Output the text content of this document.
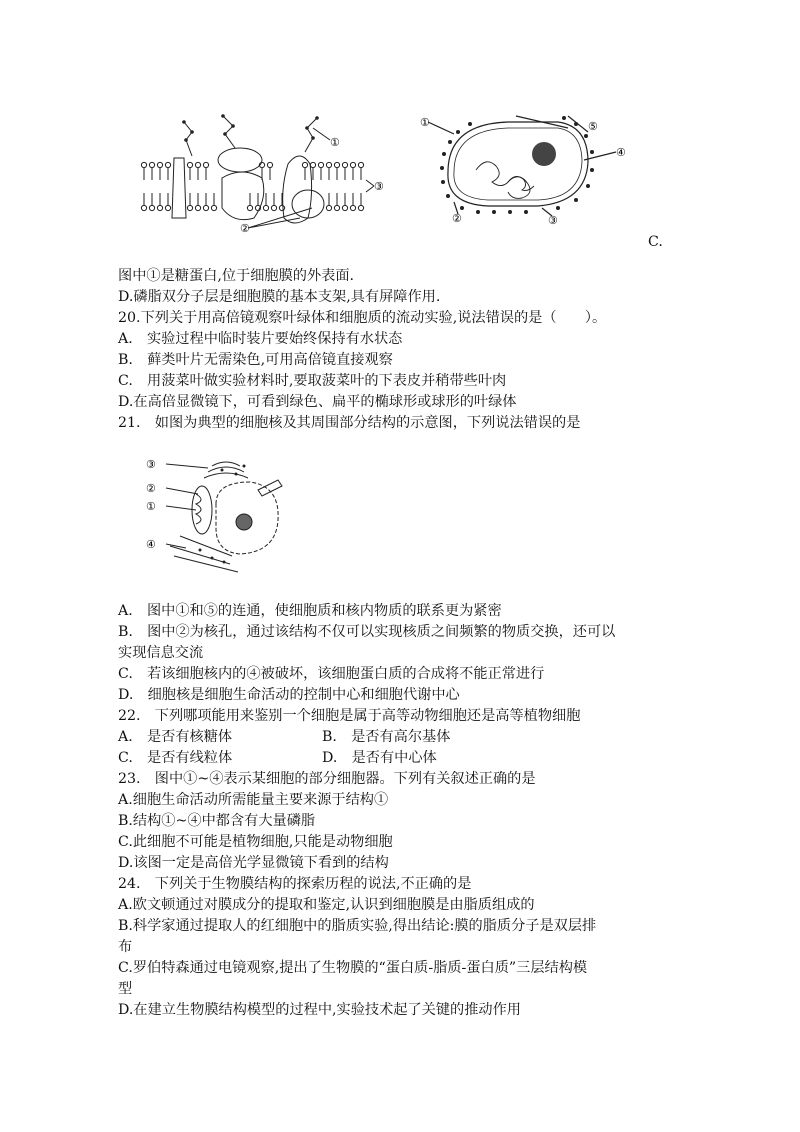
①
②
③
①
②	③
④
⑤
C.
图中①是糖蛋白,位于细胞膜的外表面.
D.磷脂双分子层是细胞膜的基本支架,具有屏障作用.
20.下列关于用高倍镜观察叶绿体和细胞质的流动实验,说法错误的是（　　）。
A.　实验过程中临时装片要始终保持有水状态
B.　藓类叶片无需染色,可用高倍镜直接观察
C.　用菠菜叶做实验材料时,要取菠菜叶的下表皮并稍带些叶肉
D.在高倍显微镜下，可看到绿色、扁平的椭球形或球形的叶绿体
21.　如图为典型的细胞核及其周围部分结构的示意图，下列说法错误的是
③
②
①
④
A.　图中①和⑤的连通，使细胞质和核内物质的联系更为紧密
B.　图中②为核孔，通过该结构不仅可以实现核质之间频繁的物质交换，还可以
实现信息交流
C.　若该细胞核内的④被破坏，该细胞蛋白质的合成将不能正常进行
D.　细胞核是细胞生命活动的控制中心和细胞代谢中心
22.　下列哪项能用来鉴别一个细胞是属于高等动物细胞还是高等植物细胞
A.　是否有核糖体	B.　是否有高尔基体
C.　是否有线粒体	D.　是否有中心体
23.　图中①~④表示某细胞的部分细胞器。下列有关叙述正确的是
A.细胞生命活动所需能量主要来源于结构①
B.结构①~④中都含有大量磷脂
C.此细胞不可能是植物细胞,只能是动物细胞
D.该图一定是高倍光学显微镜下看到的结构
24.　下列关于生物膜结构的探索历程的说法,不正确的是
A.欧文顿通过对膜成分的提取和鉴定,认识到细胞膜是由脂质组成的
B.科学家通过提取人的红细胞中的脂质实验,得出结论:膜的脂质分子是双层排
布
C.罗伯特森通过电镜观察,提出了生物膜的“蛋白质-脂质-蛋白质”三层结构模
型
D.在建立生物膜结构模型的过程中,实验技术起了关键的推动作用
